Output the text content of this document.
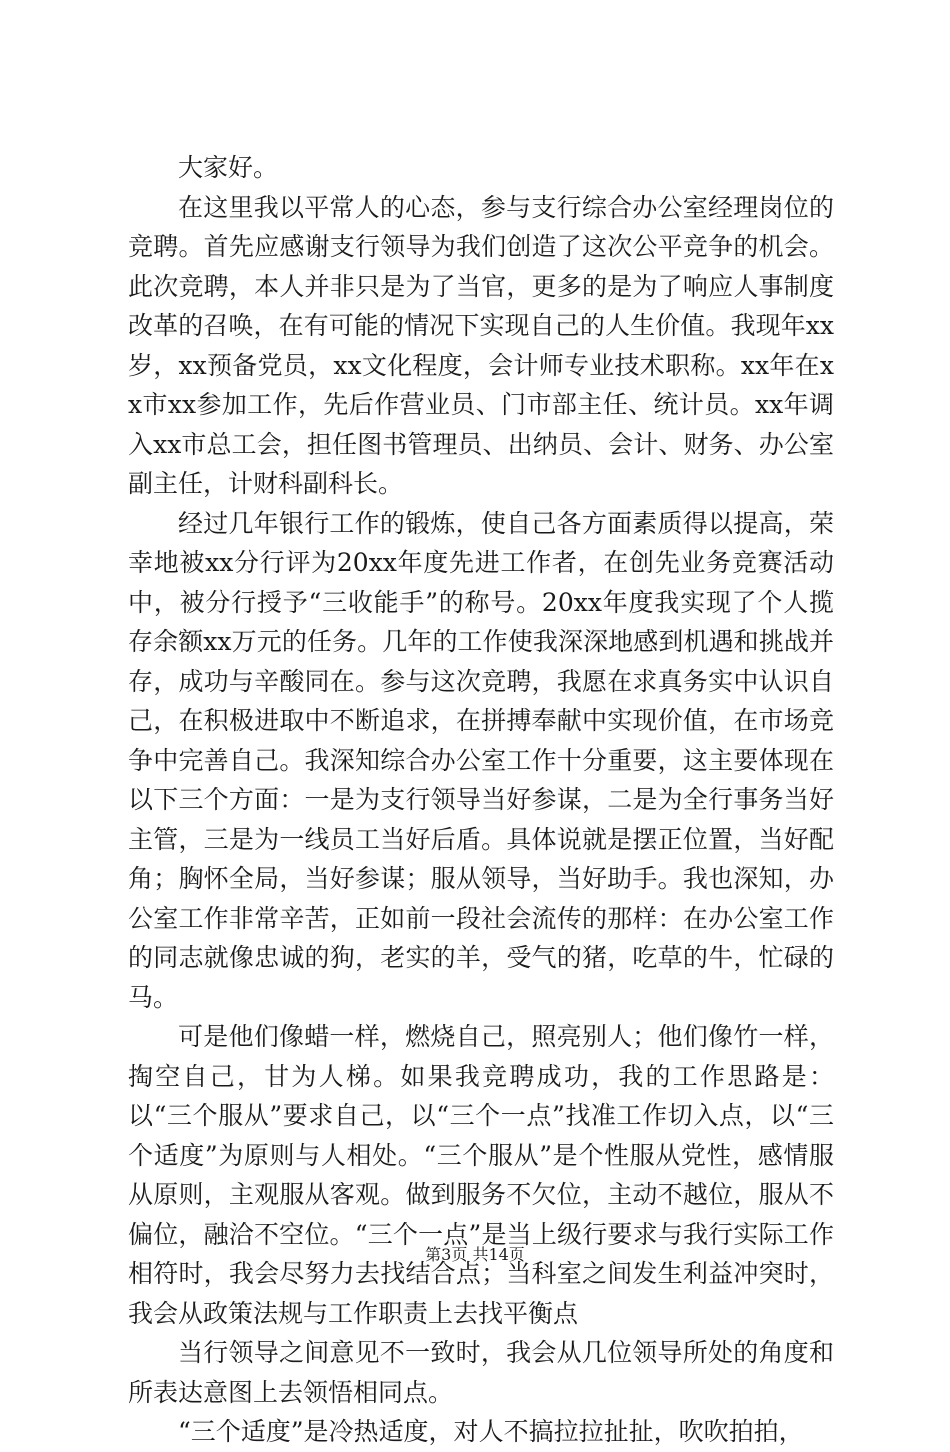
大家好。

在这里我以平常人的心态，参与支行综合办公室经理岗位的竞聘。首先应感谢支行领导为我们创造了这次公平竞争的机会。此次竞聘，本人并非只是为了当官，更多的是为了响应人事制度改革的召唤，在有可能的情况下实现自己的人生价值。我现年xx岁，xx预备党员，xx文化程度，会计师专业技术职称。xx年在xx市xx参加工作，先后作营业员、门市部主任、统计员。xx年调入xx市总工会，担任图书管理员、出纳员、会计、财务、办公室副主任，计财科副科长。

经过几年银行工作的锻炼，使自己各方面素质得以提高，荣幸地被xx分行评为20xx年度先进工作者，在创先业务竞赛活动中，被分行授予“三收能手”的称号。20xx年度我实现了个人揽存余额xx万元的任务。几年的工作使我深深地感到机遇和挑战并存，成功与辛酸同在。参与这次竞聘，我愿在求真务实中认识自己，在积极进取中不断追求，在拼搏奉献中实现价值，在市场竞争中完善自己。我深知综合办公室工作十分重要，这主要体现在以下三个方面：一是为支行领导当好参谋，二是为全行事务当好主管，三是为一线员工当好后盾。具体说就是摆正位置，当好配角；胸怀全局，当好参谋；服从领导，当好助手。我也深知，办公室工作非常辛苦，正如前一段社会流传的那样：在办公室工作的同志就像忠诚的狗，老实的羊，受气的猪，吃草的牛，忙碌的马。

可是他们像蜡一样，燃烧自己，照亮别人；他们像竹一样，掏空自己，甘为人梯。如果我竞聘成功，我的工作思路是：以“三个服从”要求自己，以“三个一点”找准工作切入点，以“三个适度”为原则与人相处。“三个服从”是个性服从党性，感情服从原则，主观服从客观。做到服务不欠位，主动不越位，服从不偏位，融洽不空位。“三个一点”是当上级行要求与我行实际工作相符时，我会尽努力去找结合点；当科室之间发生利益冲突时，我会从政策法规与工作职责上去找平衡点

当行领导之间意见不一致时，我会从几位领导所处的角度和所表达意图上去领悟相同点。

“三个适度”是冷热适度，对人不搞拉拉扯扯，吹吹拍拍，

第3页 共14页
